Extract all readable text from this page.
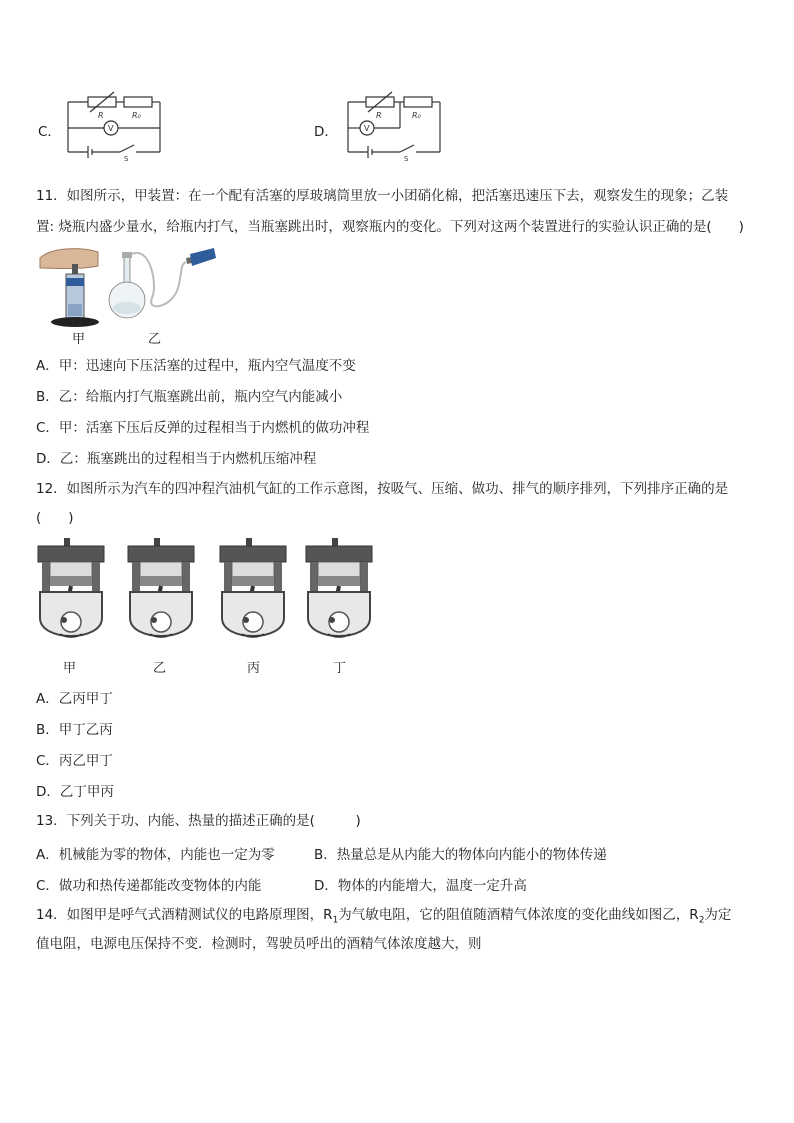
C．
R	R₀
V
S
D．
R	R₀
V
S
11．如图所示，甲装置：在一个配有活塞的厚玻璃筒里放一小团硝化棉，把活塞迅速压下去，观察发生的现象；乙装
置: 烧瓶内盛少量水，给瓶内打气，当瓶塞跳出时，观察瓶内的变化。下列对这两个装置进行的实验认识正确的是(　　)
甲	乙
A．甲：迅速向下压活塞的过程中，瓶内空气温度不变
B．乙：给瓶内打气瓶塞跳出前，瓶内空气内能减小
C．甲：活塞下压后反弹的过程相当于内燃机的做功冲程
D．乙：瓶塞跳出的过程相当于内燃机压缩冲程
12．如图所示为汽车的四冲程汽油机气缸的工作示意图，按吸气、压缩、做功、排气的顺序排列，下列排序正确的是
(　　)
甲	乙	丙	丁
A．乙丙甲丁
B．甲丁乙丙
C．丙乙甲丁
D．乙丁甲丙
13．下列关于功、内能、热量的描述正确的是(　　　)
A．机械能为零的物体，内能也一定为零	B．热量总是从内能大的物体向内能小的物体传递
C．做功和热传递都能改变物体的内能	D．物体的内能增大，温度一定升高
14．如图甲是呼气式酒精测试仪的电路原理图，$R_1$为气敏电阻，它的阻值随酒精气体浓度的变化曲线如图乙，$R_2$为定
值电阻，电源电压保持不变．检测时，驾驶员呼出的酒精气体浓度越大，则
